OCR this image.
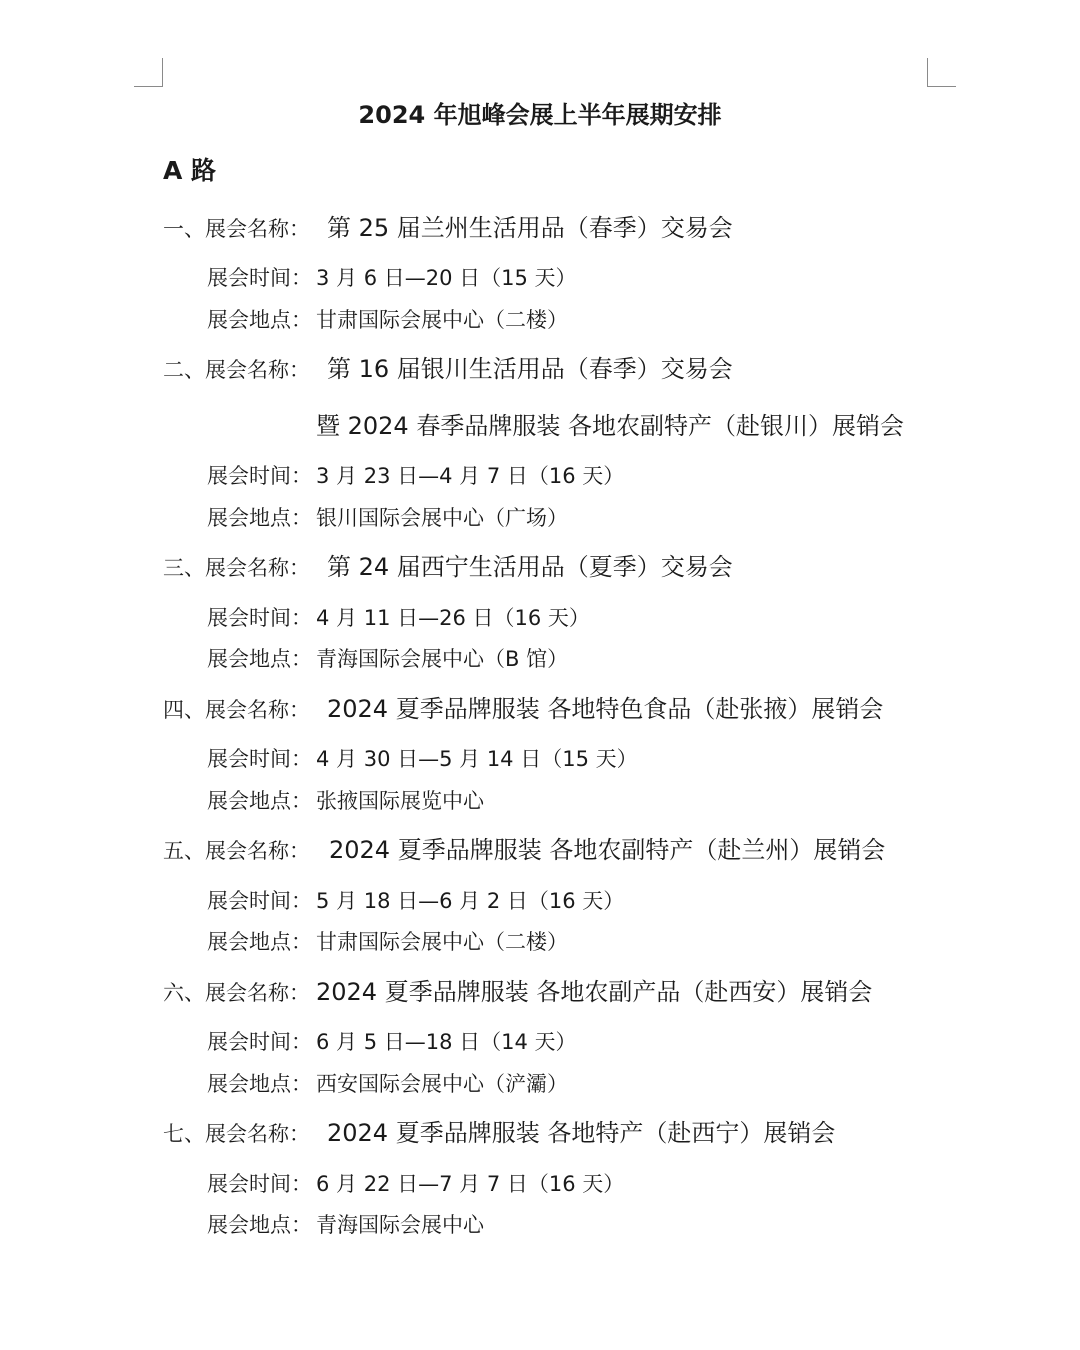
2024 年旭峰会展上半年展期安排
A 路
一、展会名称： 第 25 届兰州生活用品（春季）交易会
展会时间： 3 月 6 日—20 日（15 天）
展会地点： 甘肃国际会展中心（二楼）
二、展会名称： 第 16 届银川生活用品（春季）交易会
暨 2024 春季品牌服装 各地农副特产（赴银川）展销会
展会时间： 3 月 23 日—4 月 7 日（16 天）
展会地点： 银川国际会展中心（广场）
三、展会名称： 第 24 届西宁生活用品（夏季）交易会
展会时间： 4 月 11 日—26 日（16 天）
展会地点： 青海国际会展中心（B 馆）
四、展会名称： 2024 夏季品牌服装 各地特色食品（赴张掖）展销会
展会时间： 4 月 30 日—5 月 14 日（15 天）
展会地点： 张掖国际展览中心
五、展会名称： 2024 夏季品牌服装 各地农副特产（赴兰州）展销会
展会时间： 5 月 18 日—6 月 2 日（16 天）
展会地点： 甘肃国际会展中心（二楼）
六、展会名称： 2024 夏季品牌服装 各地农副产品（赴西安）展销会
展会时间： 6 月 5 日—18 日（14 天）
展会地点： 西安国际会展中心（浐灞）
七、展会名称： 2024 夏季品牌服装 各地特产（赴西宁）展销会
展会时间： 6 月 22 日—7 月 7 日（16 天）
展会地点： 青海国际会展中心
